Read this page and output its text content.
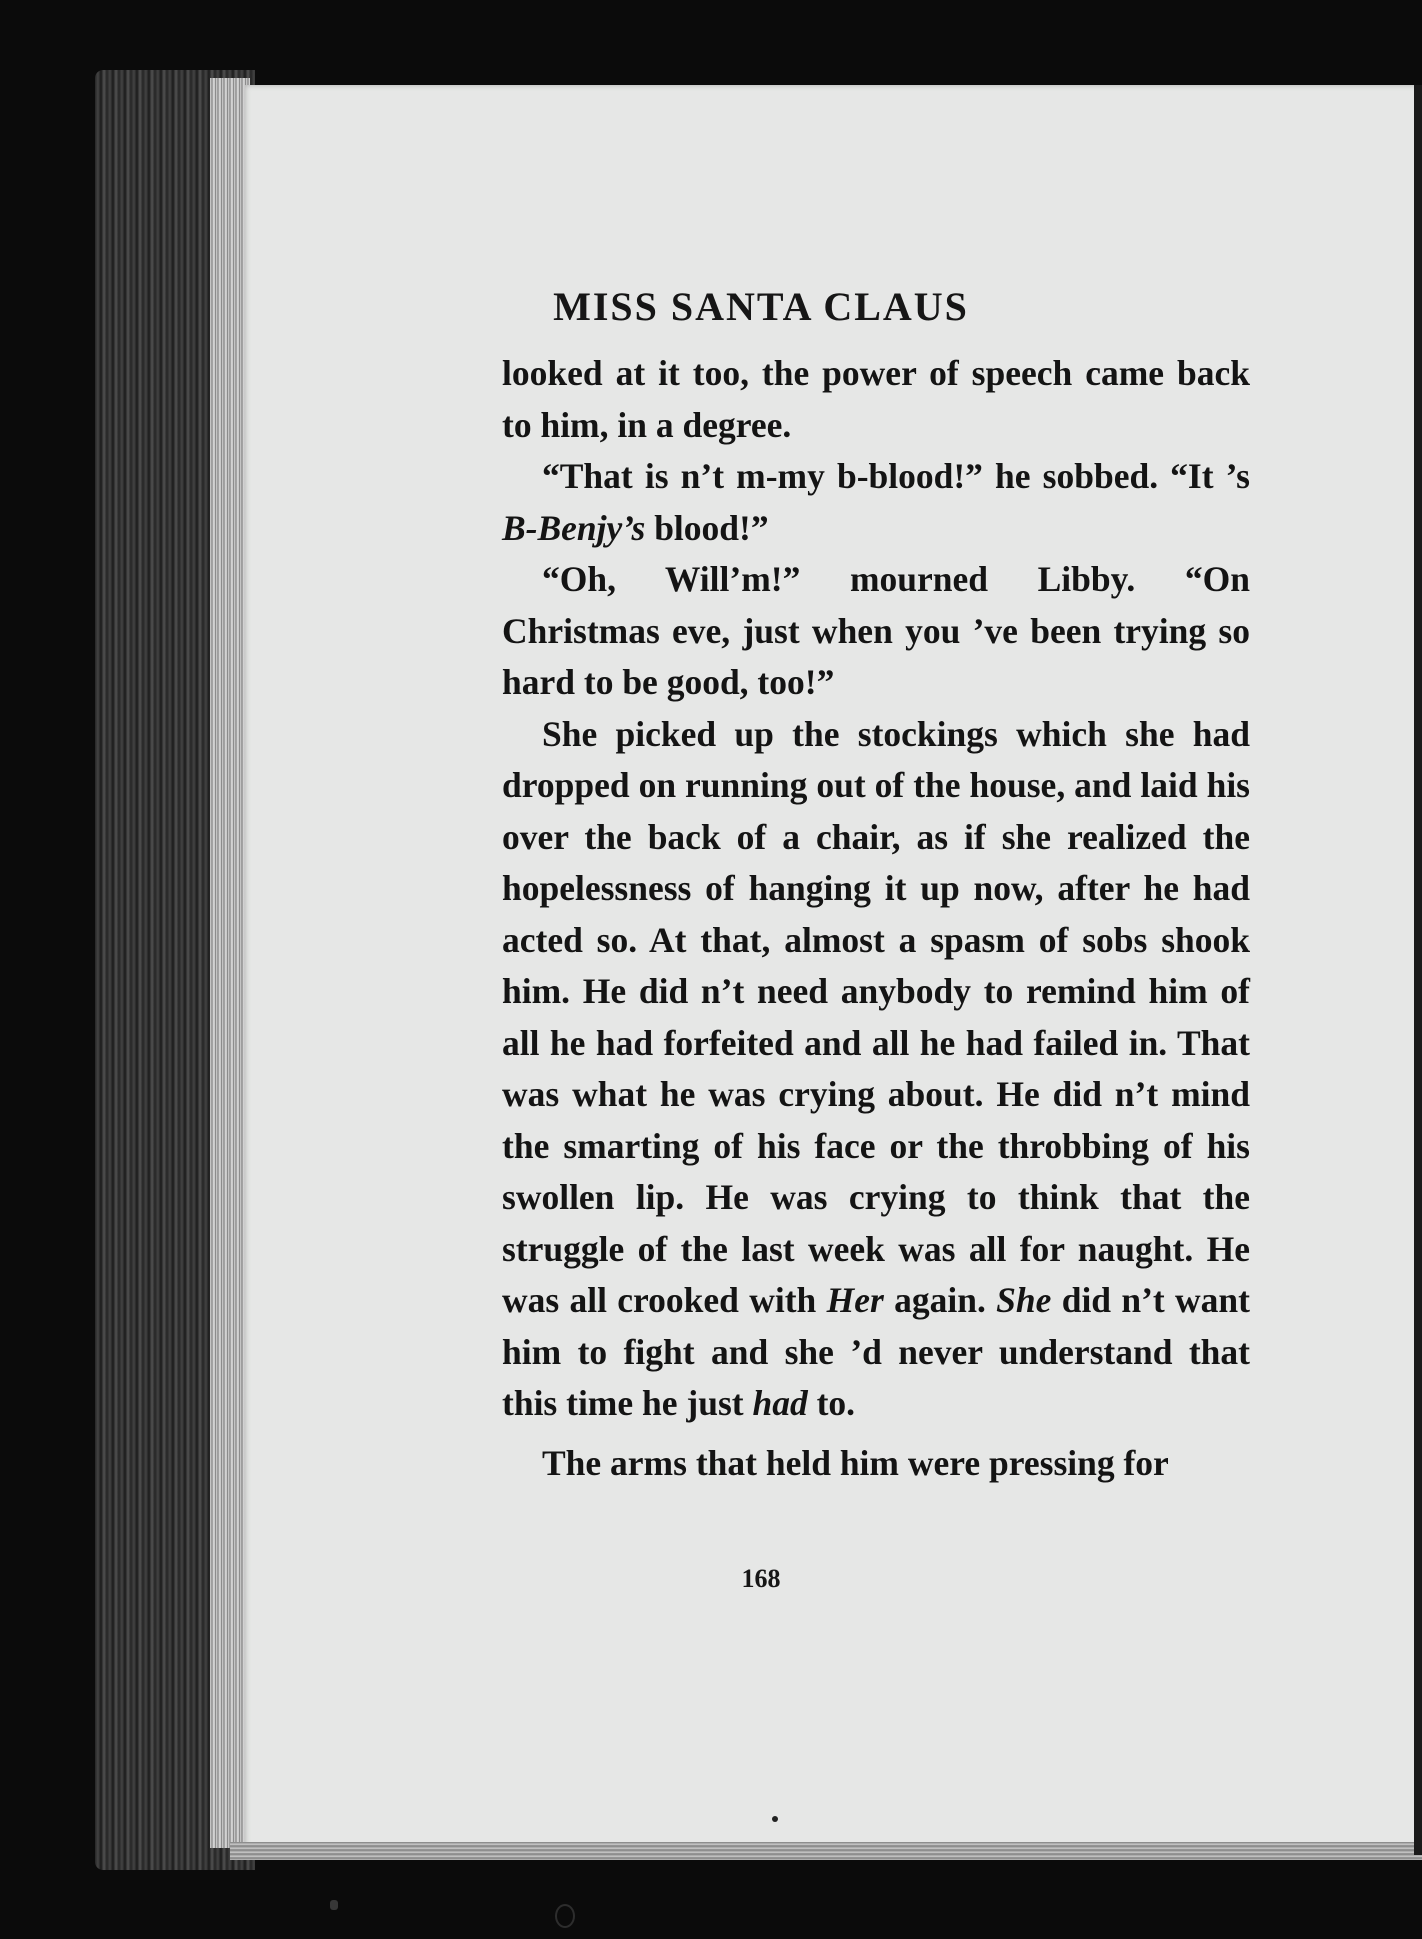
MISS SANTA CLAUS

looked at it too, the power of speech came back to him, in a degree.

“That is n’t m-my b-blood!” he sobbed. “It ’s B-Benjy’s blood!”

“Oh, Will’m!” mourned Libby. “On Christmas eve, just when you ’ve been trying so hard to be good, too!”

She picked up the stockings which she had dropped on running out of the house, and laid his over the back of a chair, as if she realized the hopelessness of hanging it up now, after he had acted so. At that, almost a spasm of sobs shook him. He did n’t need anybody to remind him of all he had forfeited and all he had failed in. That was what he was crying about. He did n’t mind the smarting of his face or the throbbing of his swollen lip. He was crying to think that the struggle of the last week was all for naught. He was all crooked with Her again. She did n’t want him to fight and she ’d never understand that this time he just had to.

The arms that held him were pressing for

168
